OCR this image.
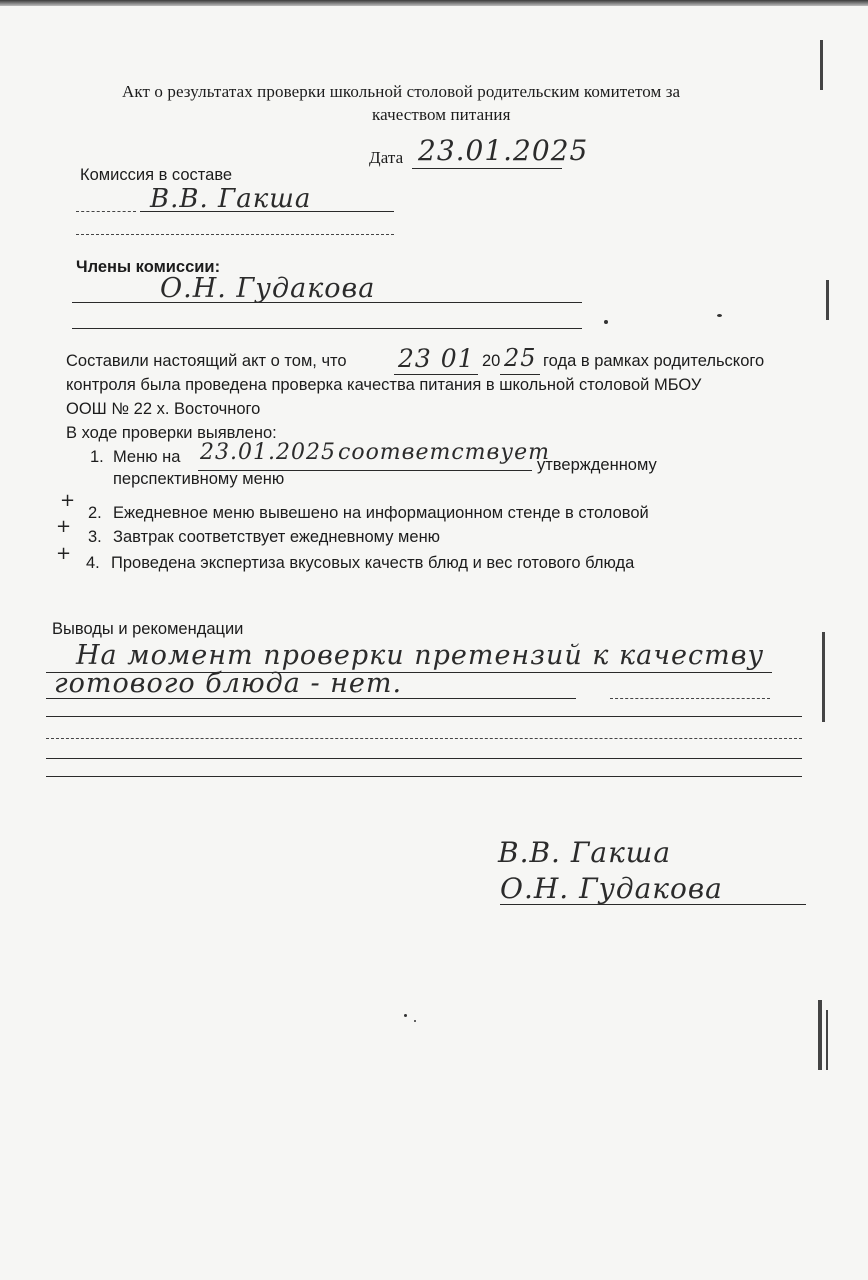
Акт о результатах проверки школьной столовой родительским комитетом за
качеством питания
Дата 23.01.2025
Комиссия в составе
В.В. Гакша
Члены комиссии:
О.Н. Гудакова
Составили настоящий акт о том, что 23 01 20 25 года в рамках родительского
контроля была проведена проверка качества питания в школьной столовой МБОУ
ООШ № 22 х. Восточного
В ходе проверки выявлено:
1. Меню на 23.01.2025 соответствует
утвержденному
перспективному меню
+
2. Ежедневное меню вывешено на информационном стенде в столовой
+ 3. Завтрак соответствует ежедневному меню
+ 4. Проведена экспертиза вкусовых качеств блюд и вес готового блюда
Выводы и рекомендации
На момент проверки претензий к качеству
готового блюда - нет.
В.В. Гакша
О.Н. Гудакова
